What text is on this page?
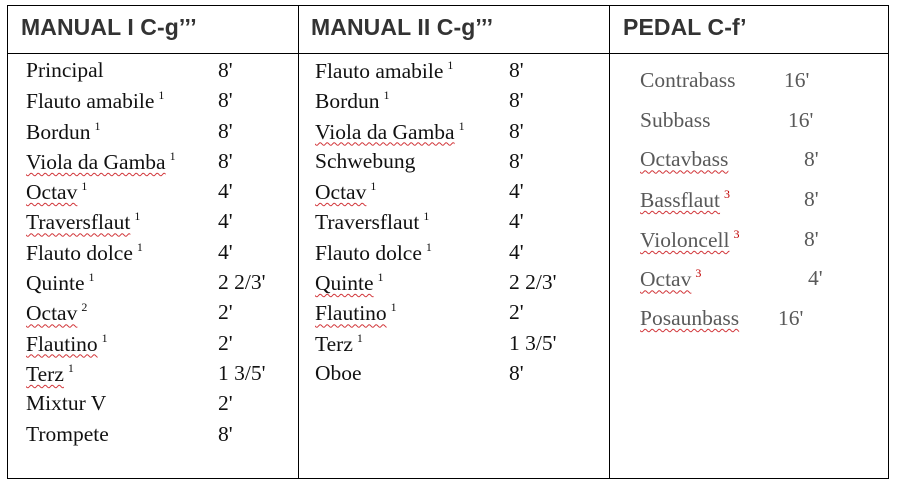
MANUAL I C-g’’’	MANUAL II C-g’’’	PEDAL C-f’
Principal	8'
Flauto amabile $^1$ 8'
Bordun $^1$	8'
Viola da Gamba $^1$ 8'
Octav $^1$	4'
Traversflaut $^1$	4'
Flauto dolce $^1$	4'
Quinte $^1$	2 2/3'
Octav $^2$	2'
Flautino $^1$	2'
Terz $^1$	1 3/5'
Mixtur V	2'
Trompete	8'
Flauto amabile $^1$	8'
Bordun $^1$	8'
Viola da Gamba $^1$ 8'
Schwebung	8'
Octav $^1$	4'
Traversflaut $^1$	4'
Flauto dolce $^1$	4'
Quinte $^1$	2 2/3'
Flautino $^1$	2'
Terz $^1$	1 3/5'
Oboe	8'
Contrabass 16'
Subbass	16'
Octavbass	8'
Bassflaut $^3$	8'
Violoncell $^3$	8'
Octav $^3$	4'
Posaunbass 16'
